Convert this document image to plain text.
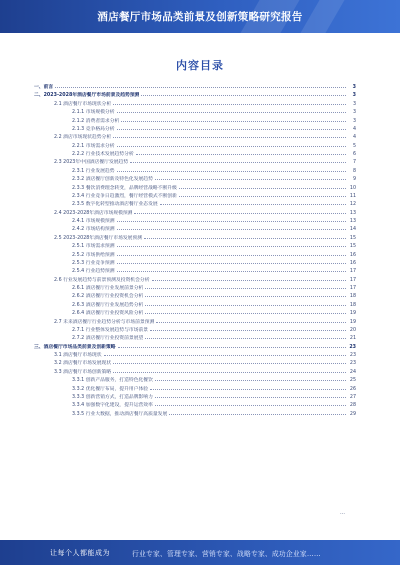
酒店餐厅市场品类前景及创新策略研究报告
内容目录
一、前言	3
二、2023-2028年酒店餐厅市场前景及趋势预测	3
2.1 酒店餐厅市场现状分析	3
2.1.1 市场规模分析	3
2.1.2 消费者需求分析	3
2.1.3 竞争格局分析	4
2.2 酒店市场现状趋势分析	4
2.2.1 市场需求分析	5
2.2.2 行业技术发展趋势分析	6
2.3 2023年中国酒店餐厅发展趋势	7
2.3.1 行业发展趋势	8
2.3.2 酒店餐厅创新及特色化发展趋势	9
2.3.3 餐饮消费理念转变，品牌经营战略不断升级	10
2.3.4 行业竞争日趋激烈，餐厅经营模式不断创新	11
2.3.5 数字化转型推动酒店餐厅业态发展	12
2.4 2023-2028年酒店市场规模预测	13
2.4.1 市场规模预测	13
2.4.2 市场结构预测	14
2.5 2023-2028年酒店餐厅市场发展预测	15
2.5.1 市场需求预测	15
2.5.2 市场供给预测	16
2.5.3 行业竞争预测	16
2.5.4 行业趋势预测	17
2.6 行业发展趋势与前景预测及投资机会分析	17
2.6.1 酒店餐厅行业发展前景分析	17
2.6.2 酒店餐厅行业投资机会分析	18
2.6.3 酒店餐厅行业发展趋势分析	18
2.6.4 酒店餐厅行业投资风险分析	19
2.7 未来酒店餐厅行业趋势分析与市场前景预测	19
2.7.1 行业整体发展趋势与市场前景	20
2.7.2 酒店餐厅行业投资前景展望	21
三、酒店餐厅市场品类前景及创新策略	23
3.1 酒店餐厅市场现状	23
3.2 酒店餐厅市场发展现状	23
3.3 酒店餐厅市场创新策略	24
3.3.1 创新产品服务，打造特色化餐饮	25
3.3.2 优化餐厅布局，提升用户体验	26
3.3.3 创新营销方式，打造品牌影响力	27
3.3.4 加强数字化建设，提升运营效率	28
3.3.5 行业大数据，推动酒店餐厅高质量发展	29
…
让每个人都能成为	行业专家、管理专家、营销专家、战略专家、成功企业家……
